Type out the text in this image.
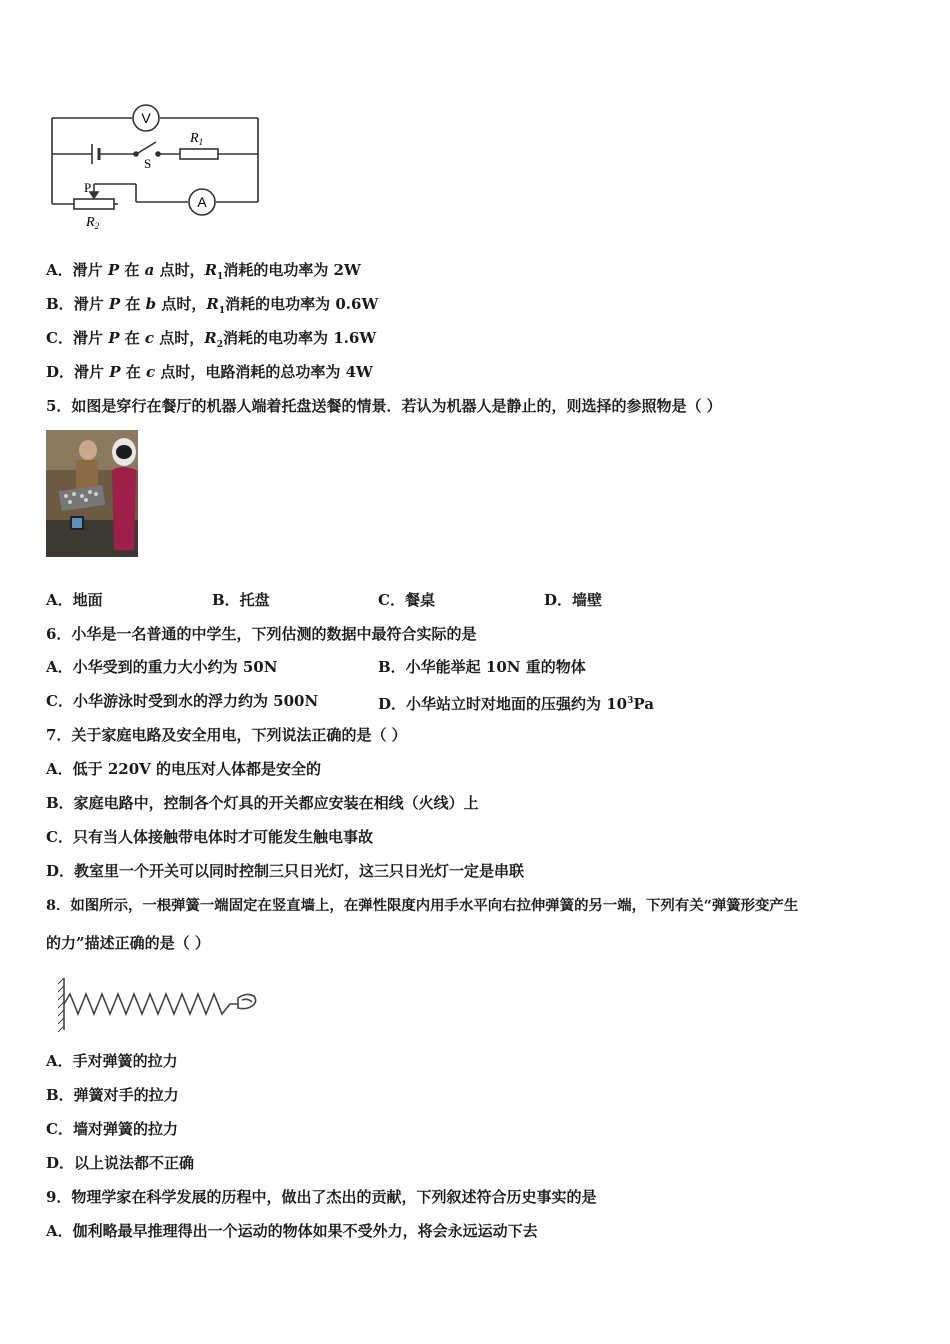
V
A
$R_1$
S
P
$R_2$
A．滑片 P 在 a 点时，$R_1$消耗的电功率为 2W
B．滑片 P 在 b 点时，$R_1$消耗的电功率为 0.6W
C．滑片 P 在 c 点时，$R_2$消耗的电功率为 1.6W
D．滑片 P 在 c 点时，电路消耗的总功率为 4W
5．如图是穿行在餐厅的机器人端着托盘送餐的情景．若认为机器人是静止的，则选择的参照物是（ ）
A．地面	B．托盘	C．餐桌	D．墙壁
6．小华是一名普通的中学生，下列估测的数据中最符合实际的是
A．小华受到的重力大小约为 50N	B．小华能举起 10N 重的物体
C．小华游泳时受到水的浮力约为 500N	D．小华站立时对地面的压强约为 $10^3Pa$
7．关于家庭电路及安全用电，下列说法正确的是（ ）
A．低于 220V 的电压对人体都是安全的
B．家庭电路中，控制各个灯具的开关都应安装在相线（火线）上
C．只有当人体接触带电体时才可能发生触电事故
D．教室里一个开关可以同时控制三只日光灯，这三只日光灯一定是串联
8．如图所示，一根弹簧一端固定在竖直墙上，在弹性限度内用手水平向右拉伸弹簧的另一端，下列有关“弹簧形变产生
的力”描述正确的是（ ）
A．手对弹簧的拉力
B．弹簧对手的拉力
C．墙对弹簧的拉力
D．以上说法都不正确
9．物理学家在科学发展的历程中，做出了杰出的贡献，下列叙述符合历史事实的是
A．伽利略最早推理得出一个运动的物体如果不受外力，将会永远运动下去
